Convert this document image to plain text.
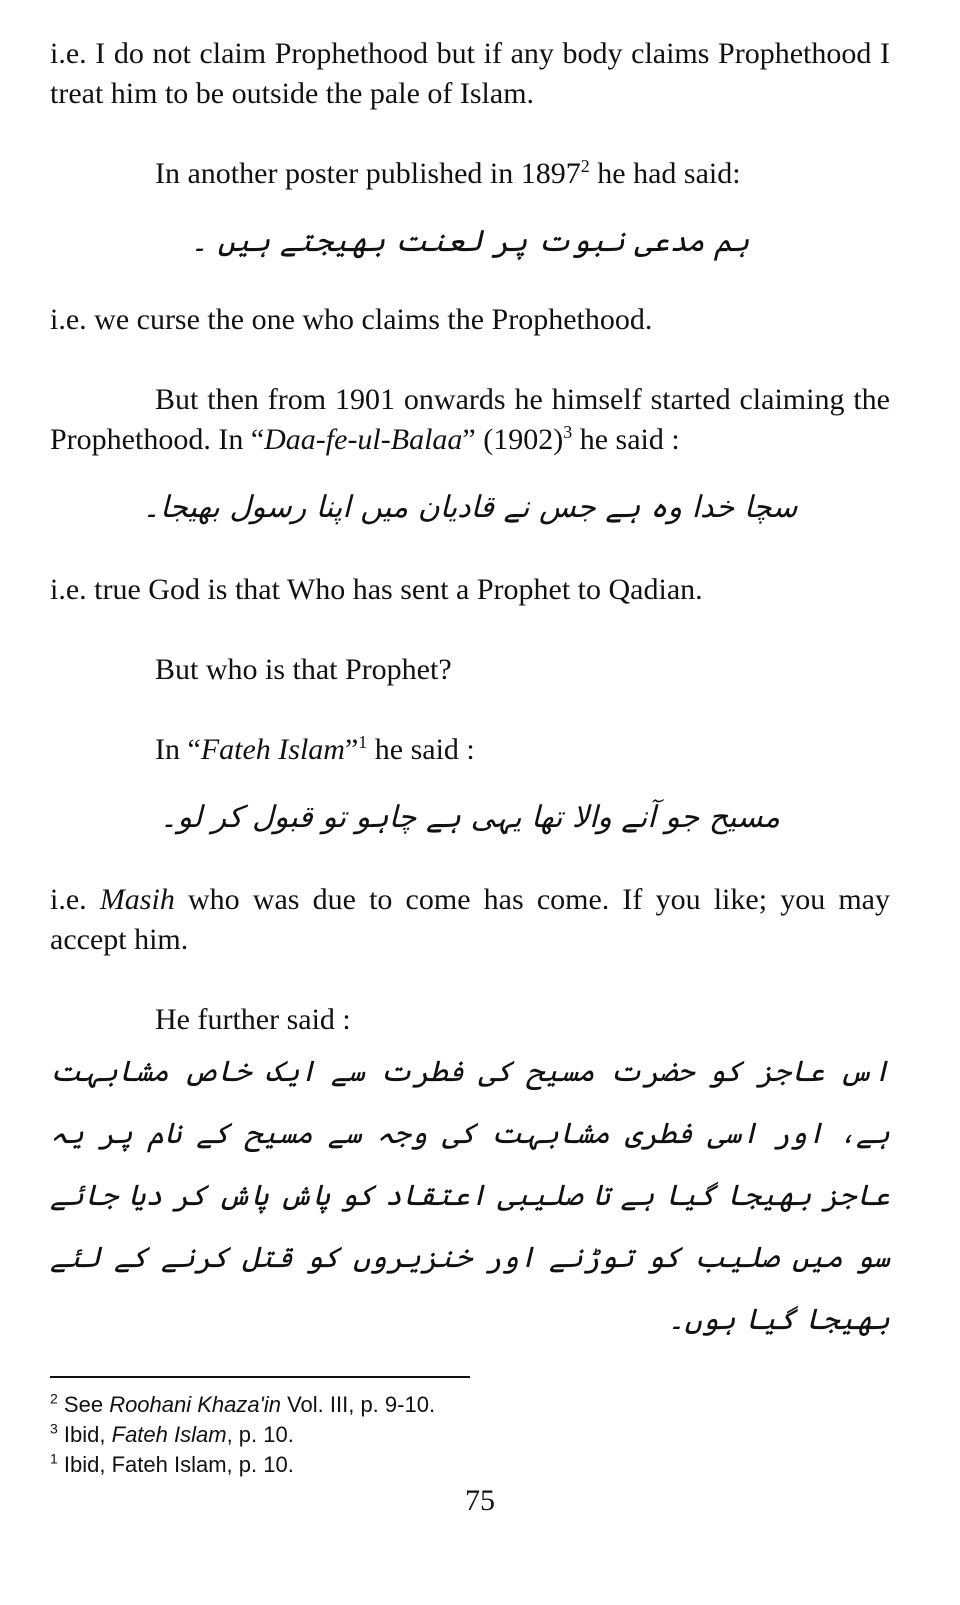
i.e. I do not claim Prophethood but if any body claims Prophethood I treat him to be outside the pale of Islam.

In another poster published in 1897$^2$ he had said:

ہم مدعی نبوت پر لعنت بھیجتے ہیں ۔

i.e. we curse the one who claims the Prophethood.

But then from 1901 onwards he himself started claiming the Prophethood. In “Daa-fe-ul-Balaa” $(1902)^3$ he said :

سچا خدا وہ ہے جس نے قادیان میں اپنا رسول بھیجا۔

i.e. true God is that Who has sent a Prophet to Qadian.

But who is that Prophet?

In “Fateh Islam”$^1$ he said :

مسیح جو آنے والا تھا یہی ہے چاہو تو قبول کر لو۔

i.e. Masih who was due to come has come. If you like; you may accept him.

He further said :

اس عاجز کو حضرت مسیح کی فطرت سے ایک خاص مشابہت ہے، اور اسی فطری مشابہت کی وجہ سے مسیح کے نام پر یہ عاجز بھیجا گیا ہے تا صلیبی اعتقاد کو پاش پاش کر دیا جائے سو میں صلیب کو توڑنے اور خنزیروں کو قتل کرنے کے لئے بھیجا گیا ہوں۔

$^2$ See Roohani Khaza'in Vol. III, p. 9-10.

$^3$ Ibid, Fateh Islam, p. 10.

$^1$ Ibid, Fateh Islam, p. 10.

75
